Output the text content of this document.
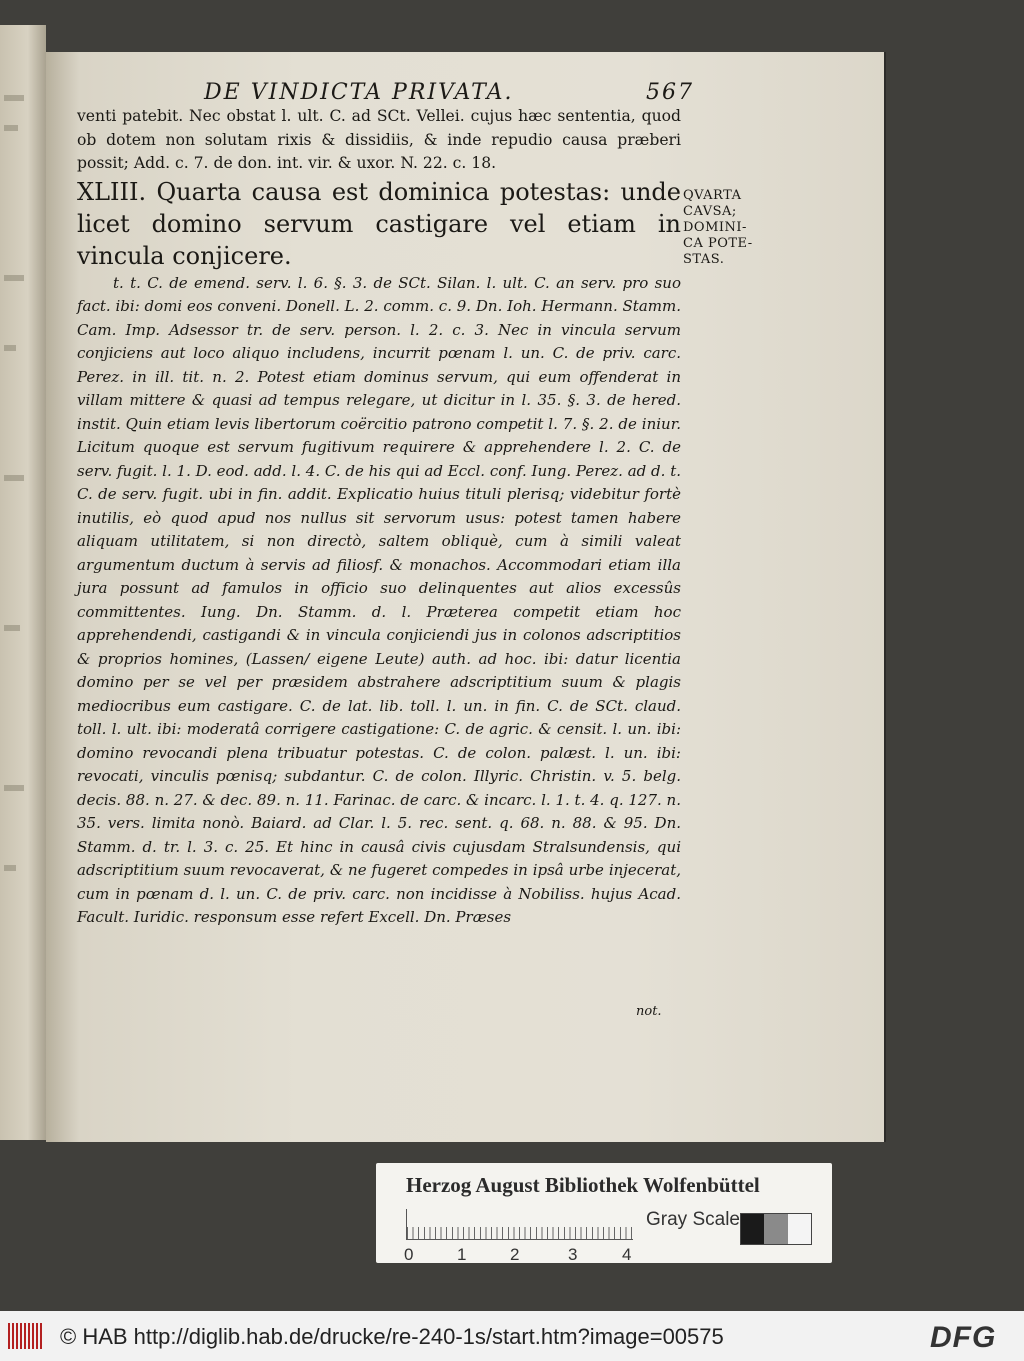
DE VINDICTA PRIVATA.	567

venti patebit. Nec obstat l. ult. C. ad SCt. Vellei. cujus hæc sententia, quod ob dotem non solutam rixis & dissidiis, & inde repudio causa præberi possit; Add. c. 7. de don. int. vir. & uxor. N. 22. c. 18.

XLIII. Quarta causa est dominica potestas: unde licet domino servum castigare vel etiam in vincula conjicere.

t. t. C. de emend. serv. l. 6. §. 3. de SCt. Silan. l. ult. C. an serv. pro suo fact. ibi: domi eos conveni. Donell. L. 2. comm. c. 9. Dn. Ioh. Hermann. Stamm. Cam. Imp. Adsessor tr. de serv. person. l. 2. c. 3. Nec in vincula servum conjiciens aut loco aliquo includens, incurrit pœnam l. un. C. de priv. carc. Perez. in ill. tit. n. 2. Potest etiam dominus servum, qui eum offenderat in villam mittere & quasi ad tempus relegare, ut dicitur in l. 35. §. 3. de hered. instit. Quin etiam levis libertorum coërcitio patrono competit l. 7. §. 2. de iniur. Licitum quoque est servum fugitivum requirere & apprehendere l. 2. C. de serv. fugit. l. 1. D. eod. add. l. 4. C. de his qui ad Eccl. conf. Iung. Perez. ad d. t. C. de serv. fugit. ubi in fin. addit. Explicatio huius tituli plerisq; videbitur fortè inutilis, eò quod apud nos nullus sit servorum usus: potest tamen habere aliquam utilitatem, si non directò, saltem obliquè, cum à simili valeat argumentum ductum à servis ad filiosf. & monachos. Accommodari etiam illa jura possunt ad famulos in officio suo delinquentes aut alios excessûs committentes. Iung. Dn. Stamm. d. l. Præterea competit etiam hoc apprehendendi, castigandi & in vincula conjiciendi jus in colonos adscriptitios & proprios homines, (Lassen/ eigene Leute) auth. ad hoc. ibi: datur licentia domino per se vel per præsidem abstrahere adscriptitium suum & plagis mediocribus eum castigare. C. de lat. lib. toll. l. un. in fin. C. de SCt. claud. toll. l. ult. ibi: moderatâ corrigere castigatione: C. de agric. & censit. l. un. ibi: domino revocandi plena tribuatur potestas. C. de colon. palæst. l. un. ibi: revocati, vinculis pœnisq; subdantur. C. de colon. Illyric. Christin. v. 5. belg. decis. 88. n. 27. & dec. 89. n. 11. Farinac. de carc. & incarc. l. 1. t. 4. q. 127. n. 35. vers. limita nonò. Baiard. ad Clar. l. 5. rec. sent. q. 68. n. 88. & 95. Dn. Stamm. d. tr. l. 3. c. 25. Et hinc in causâ civis cujusdam Stralsundensis, qui adscriptitium suum revocaverat, & ne fugeret compedes in ipsâ urbe injecerat, cum in pœnam d. l. un. C. de priv. carc. non incidisse à Nobiliss. hujus Acad. Facult. Iuridic. responsum esse refert Excell. Dn. Præses

QVARTA
CAVSA;
DOMINI-
CA POTE-
STAS.
not.
Herzog August Bibliothek Wolfenbüttel
0	1	2	3	4
Gray Scale
© HAB http://diglib.hab.de/drucke/re-240-1s/start.htm?image=00575	DFG
